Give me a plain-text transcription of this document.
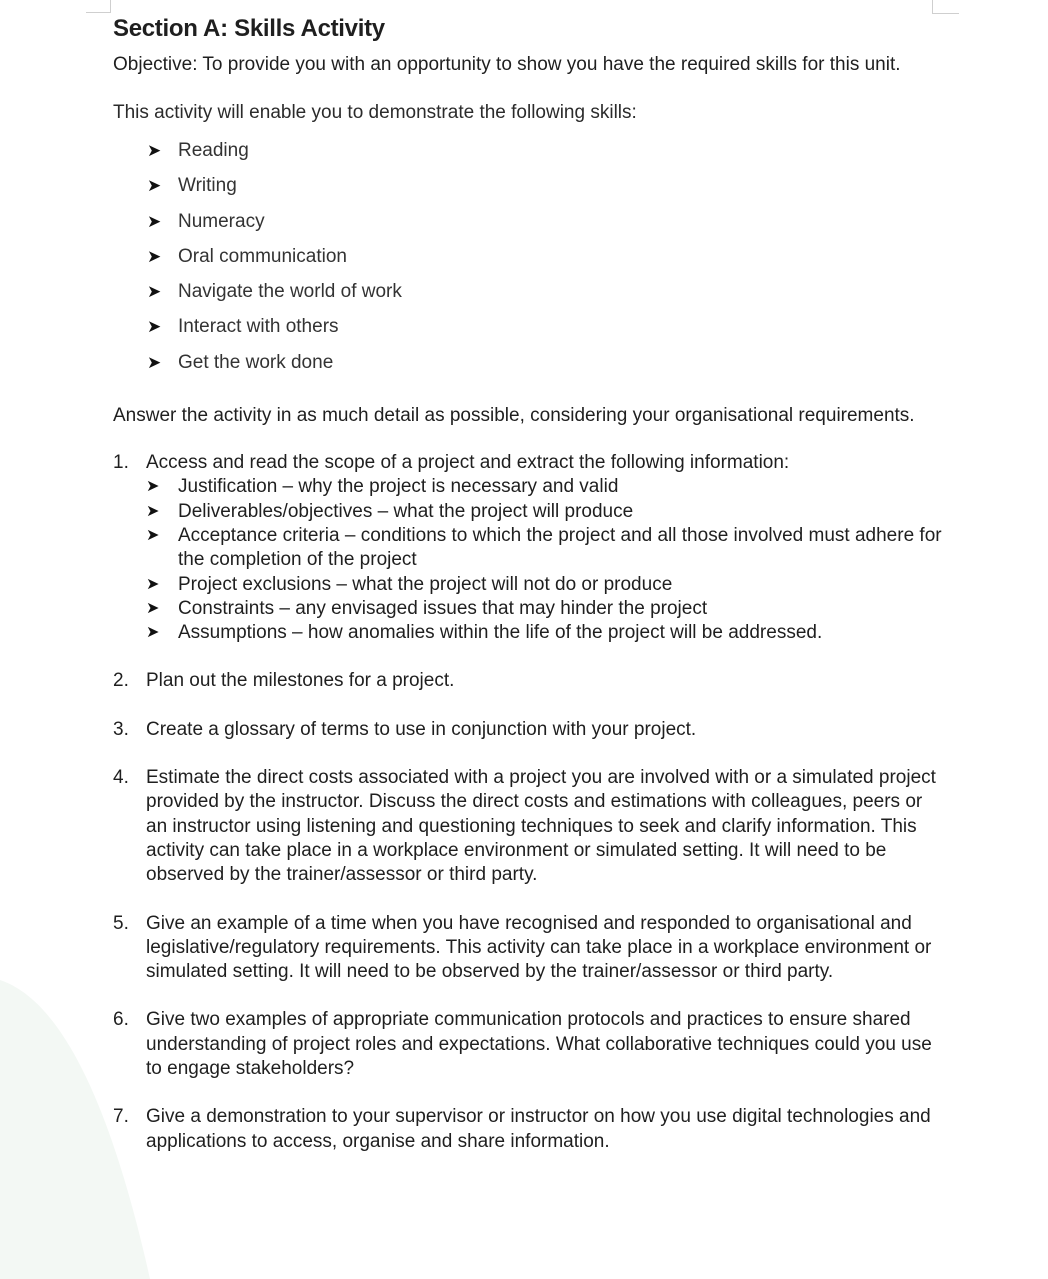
Section A: Skills Activity
Objective: To provide you with an opportunity to show you have the required skills for this unit.
This activity will enable you to demonstrate the following skills:
➤ Reading
➤ Writing
➤ Numeracy
➤ Oral communication
➤ Navigate the world of work
➤ Interact with others
➤ Get the work done
Answer the activity in as much detail as possible, considering your organisational requirements.
1. Access and read the scope of a project and extract the following information:
➤ Justification – why the project is necessary and valid
➤ Deliverables/objectives – what the project will produce
➤ Acceptance criteria – conditions to which the project and all those involved must adhere for the completion of the project
➤ Project exclusions – what the project will not do or produce
➤ Constraints – any envisaged issues that may hinder the project
➤ Assumptions – how anomalies within the life of the project will be addressed.
2. Plan out the milestones for a project.
3. Create a glossary of terms to use in conjunction with your project.
4. Estimate the direct costs associated with a project you are involved with or a simulated project provided by the instructor. Discuss the direct costs and estimations with colleagues, peers or an instructor using listening and questioning techniques to seek and clarify information. This activity can take place in a workplace environment or simulated setting. It will need to be observed by the trainer/assessor or third party.
5. Give an example of a time when you have recognised and responded to organisational and legislative/regulatory requirements. This activity can take place in a workplace environment or simulated setting. It will need to be observed by the trainer/assessor or third party.
6. Give two examples of appropriate communication protocols and practices to ensure shared understanding of project roles and expectations. What collaborative techniques could you use to engage stakeholders?
7. Give a demonstration to your supervisor or instructor on how you use digital technologies and applications to access, organise and share information.
